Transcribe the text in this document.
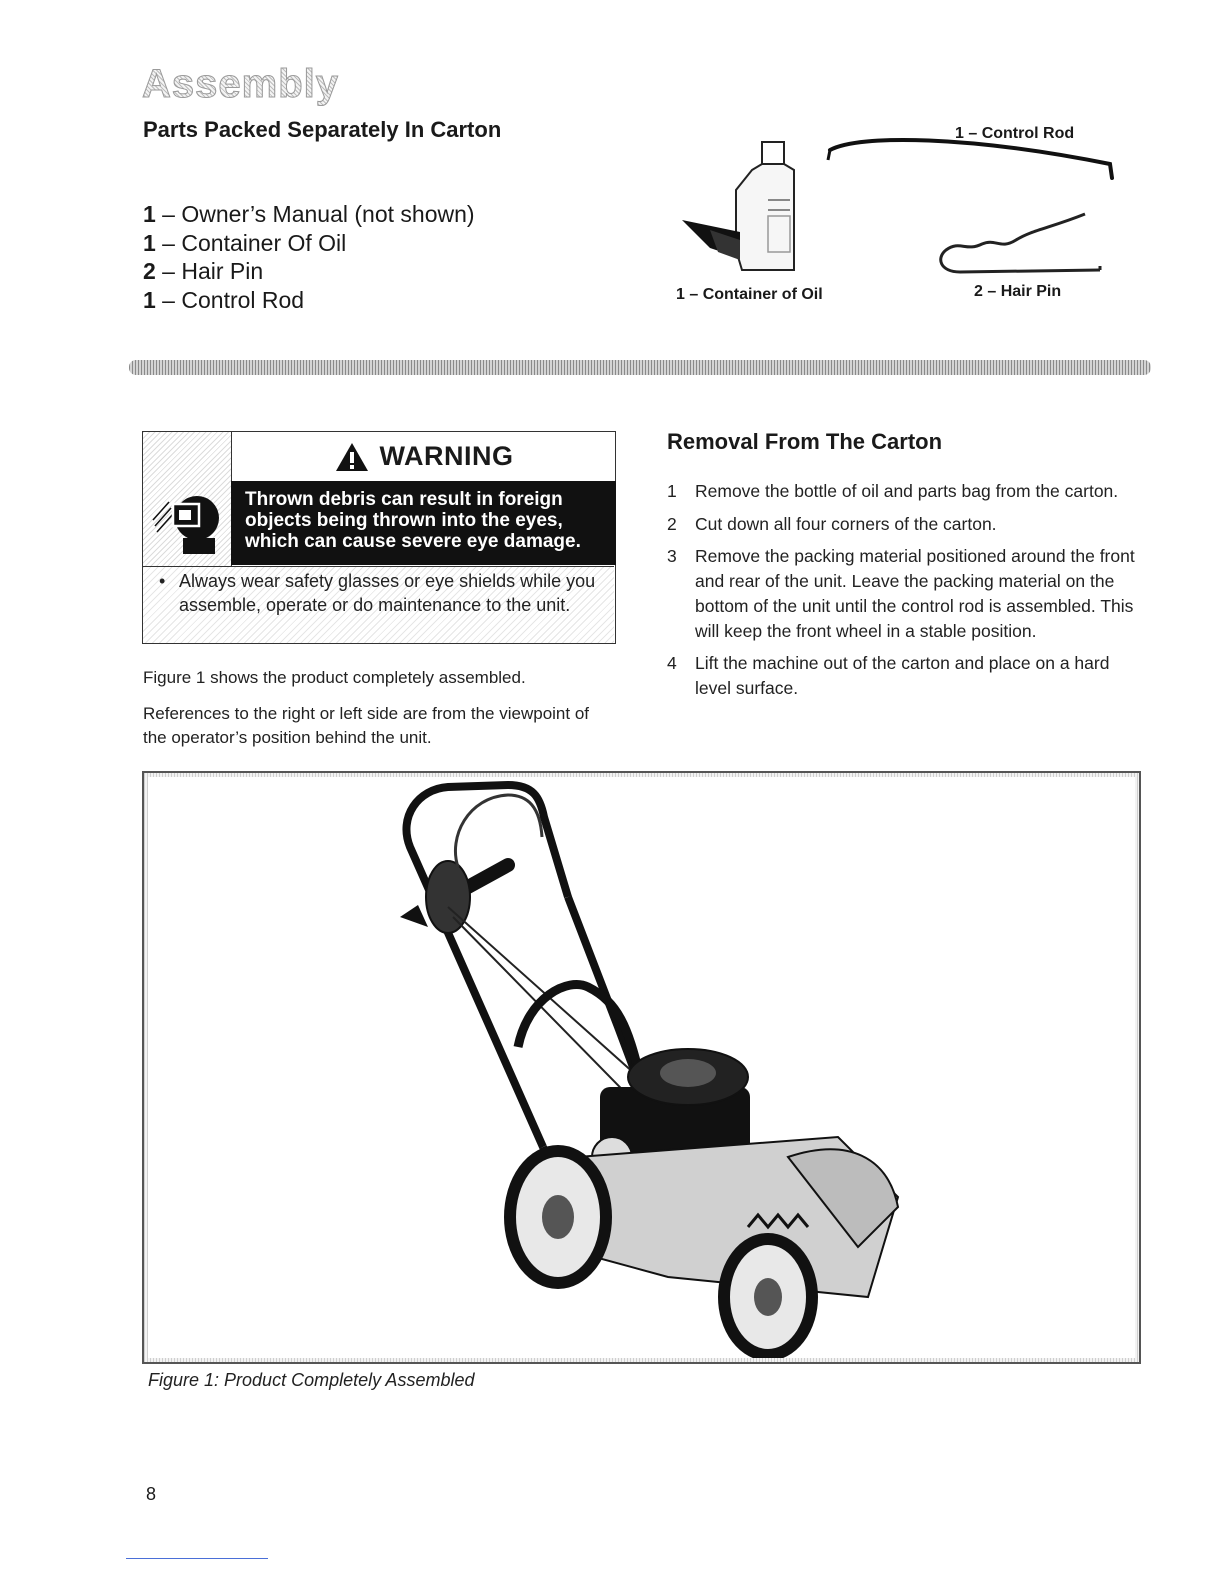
Assembly
Parts Packed Separately In Carton
1 – Owner’s Manual (not shown)
1 – Container Of Oil
2 – Hair Pin
1 – Control Rod
1 – Control Rod
1 – Container of Oil	2 – Hair Pin
WARNING
Thrown debris can result in foreign
objects being thrown into the eyes,
which can cause severe eye damage.
• Always wear safety glasses or eye shields while you assemble, operate or do maintenance to the unit.
Figure 1 shows the product completely assembled.
References to the right or left side are from the viewpoint of the operator’s position behind the unit.
Removal From The Carton
1	Remove the bottle of oil and parts bag from the carton.
2	Cut down all four corners of the carton.
3	Remove the packing material positioned around the front and rear of the unit. Leave the packing material on the bottom of the unit until the control rod is assembled. This will keep the front wheel in a stable position.
4	Lift the machine out of the carton and place on a hard level surface.
Figure 1: Product Completely Assembled
8
